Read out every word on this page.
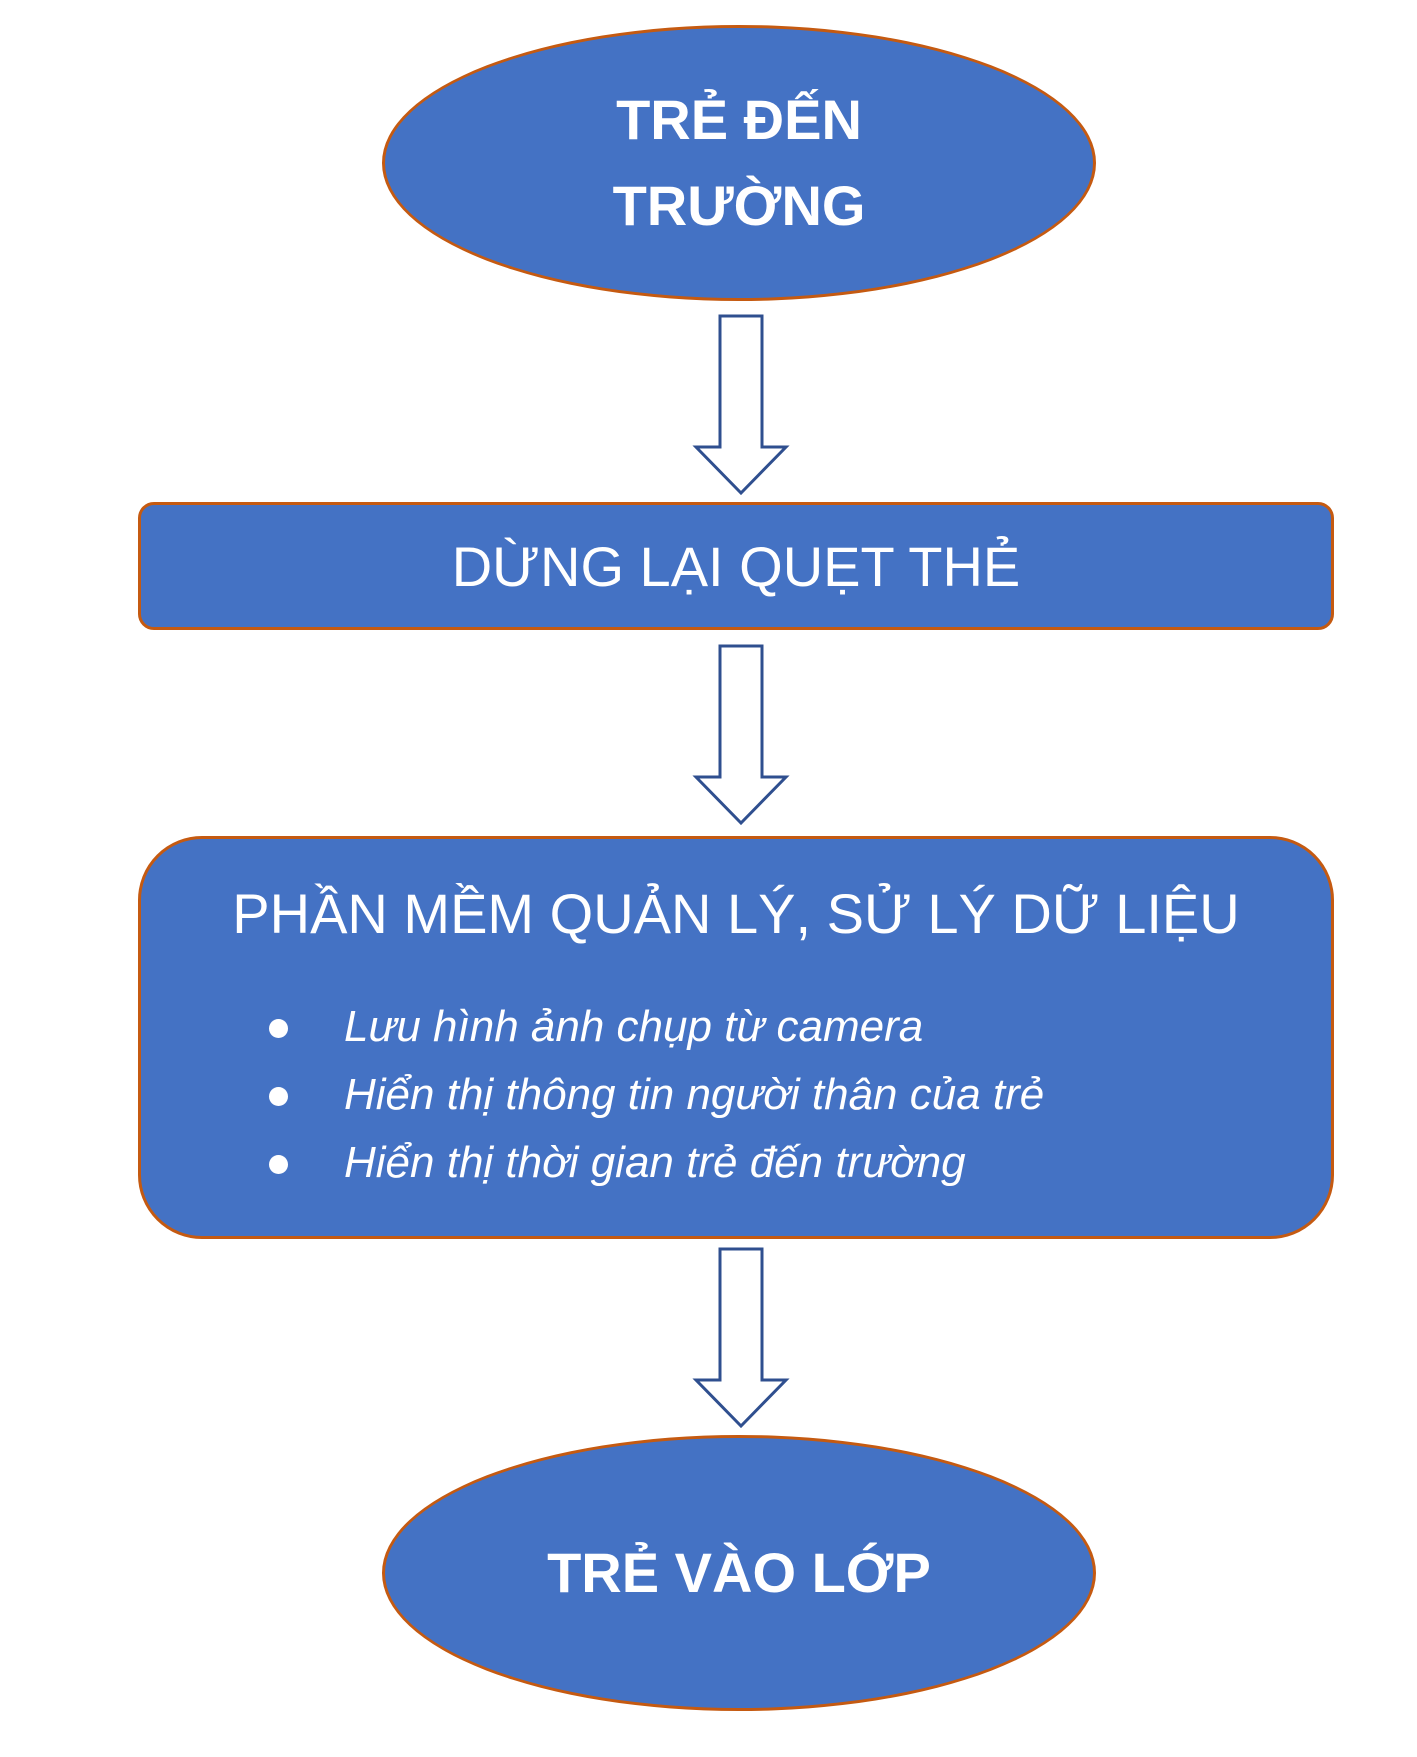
TRẺ ĐẾN
TRƯỜNG
DỪNG LẠI QUẸT THẺ
PHẦN MỀM QUẢN LÝ, SỬ LÝ DỮ LIỆU
Lưu hình ảnh chụp từ camera
Hiển thị thông tin người thân của trẻ
Hiển thị thời gian trẻ đến trường
TRẺ VÀO LỚP
